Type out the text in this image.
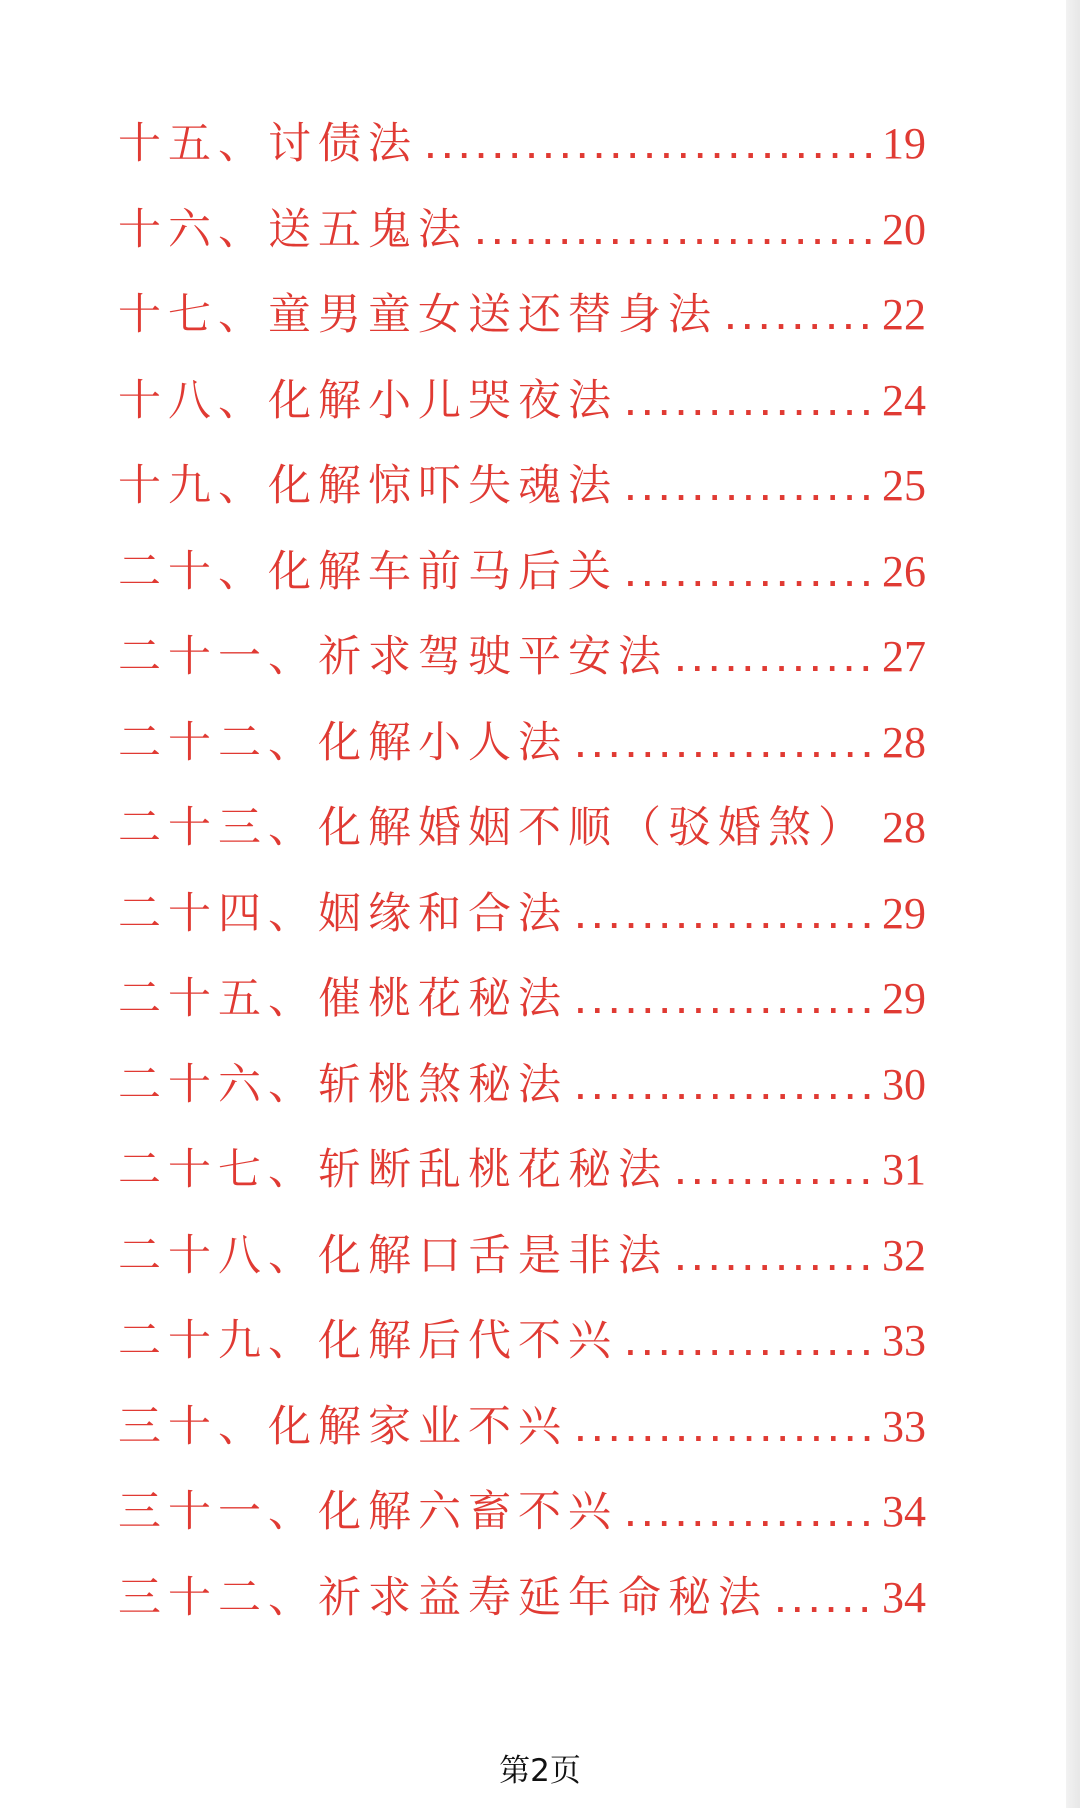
十五、 讨债法 .....	19
十六、 送五鬼法 .....	20
十七、 童男童女送还替身法 .....	22
十八、 化解小儿哭夜法 .....	24
十九、 化解惊吓失魂法 .....	25
二十、 化解车前马后关 .....	26
二十一、 祈求驾驶平安法 .....	27
二十二、 化解小人法 .....	28
二十三、 化解婚姻不顺（驳婚煞） ..... 28
二十四、 姻缘和合法 .....	29
二十五、 催桃花秘法 .....	29
二十六、 斩桃煞秘法 .....	30
二十七、 斩断乱桃花秘法 .....	31
二十八、 化解口舌是非法 .....	32
二十九、 化解后代不兴 .....	33
三十、 化解家业不兴 .....	33
三十一、 化解六畜不兴 .....	34
三十二、 祈求益寿延年命秘法 .....	34
第2页
